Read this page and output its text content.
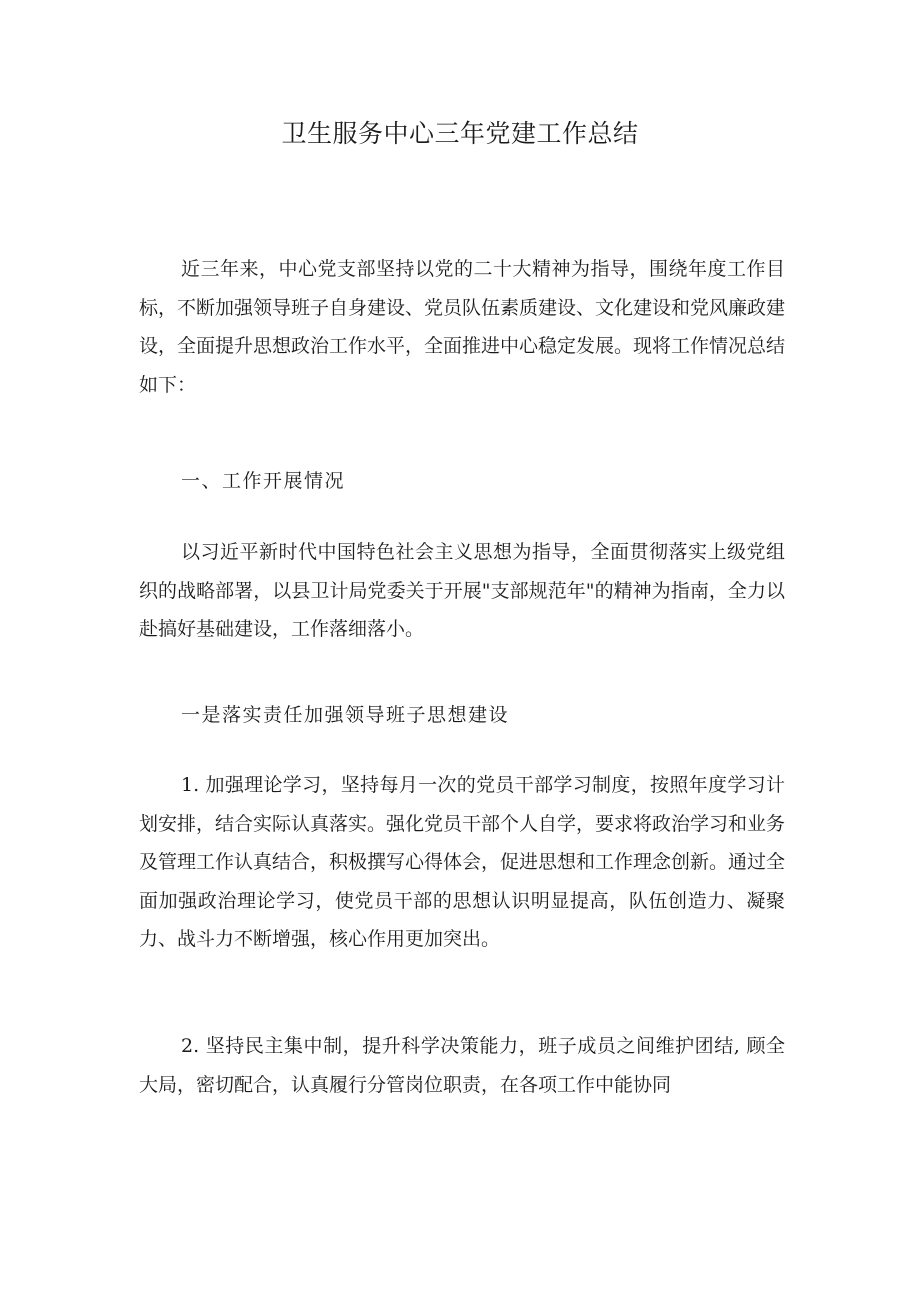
卫生服务中心三年党建工作总结

近三年来，中心党支部坚持以党的二十大精神为指导，围绕年度工作目标，不断加强领导班子自身建设、党员队伍素质建设、文化建设和党风廉政建设，全面提升思想政治工作水平，全面推进中心稳定发展。现将工作情况总结如下：

一、工作开展情况

以习近平新时代中国特色社会主义思想为指导，全面贯彻落实上级党组织的战略部署，以县卫计局党委关于开展"支部规范年"的精神为指南，全力以赴搞好基础建设，工作落细落小。

一是落实责任加强领导班子思想建设

1. 加强理论学习，坚持每月一次的党员干部学习制度，按照年度学习计划安排，结合实际认真落实。强化党员干部个人自学，要求将政治学习和业务及管理工作认真结合，积极撰写心得体会，促进思想和工作理念创新。通过全面加强政治理论学习，使党员干部的思想认识明显提高，队伍创造力、凝聚力、战斗力不断增强，核心作用更加突出。

2. 坚持民主集中制，提升科学决策能力，班子成员之间维护团结, 顾全大局，密切配合，认真履行分管岗位职责，在各项工作中能协同
